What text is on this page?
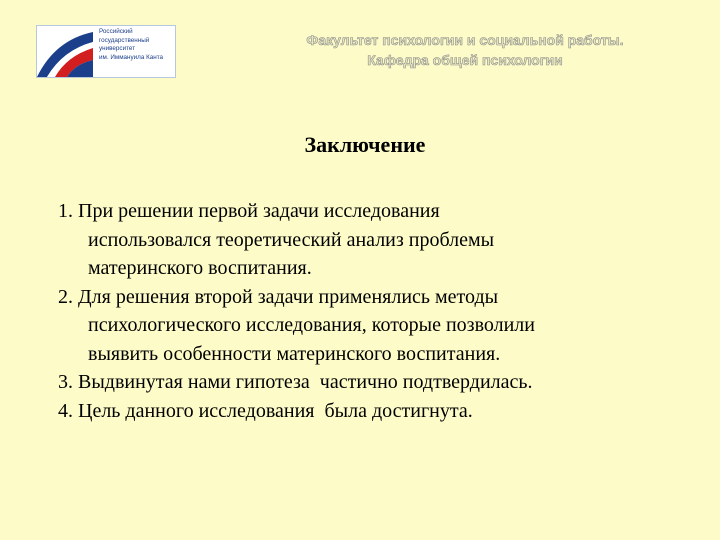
Российский
государственный
университет
им. Иммануила Канта
Факультет психологии и социальной работы.
Кафедра общей психологии
Заключение
1. При решении первой задачи исследования
использовался теоретический анализ проблемы
материнского воспитания.
2. Для решения второй задачи применялись методы
психологического исследования, которые позволили
выявить особенности материнского воспитания.
3. Выдвинутая нами гипотеза  частично подтвердилась.
4. Цель данного исследования  была достигнута.
